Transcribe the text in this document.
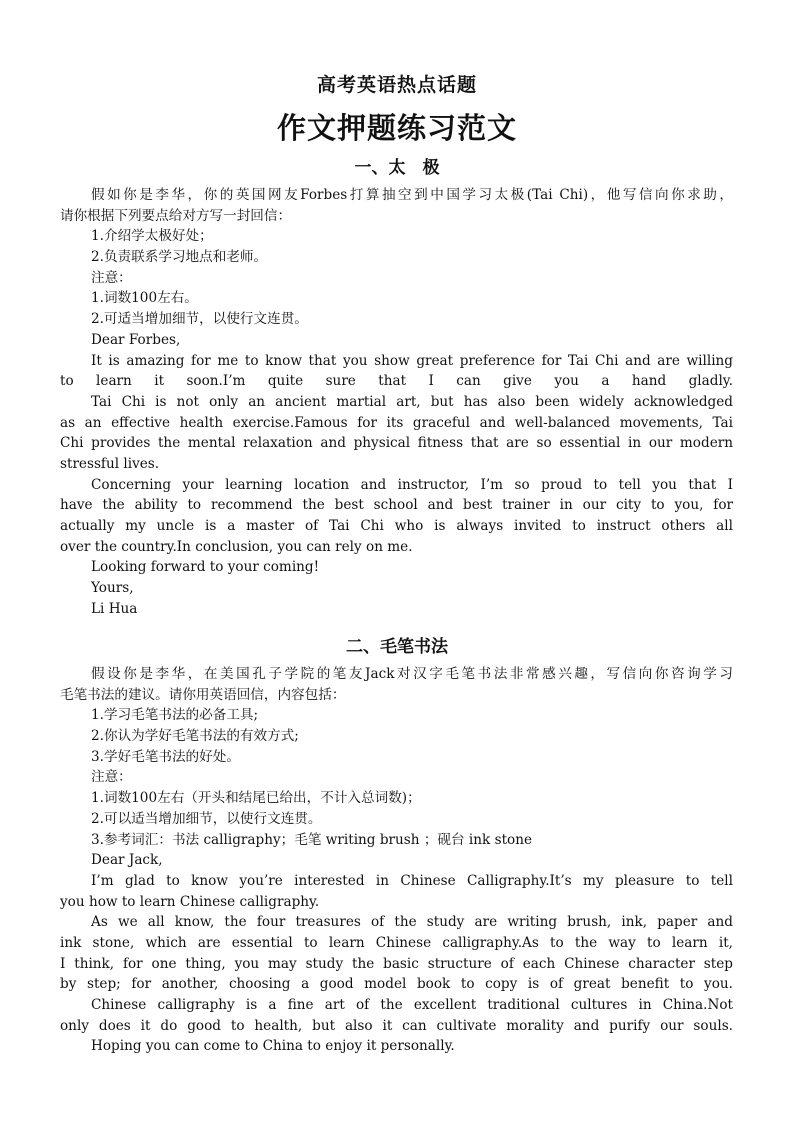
高考英语热点话题
作文押题练习范文
一、太　极
假如你是李华，你的英国网友Forbes打算抽空到中国学习太极(Tai Chi)，他写信向你求助，
请你根据下列要点给对方写一封回信：
1.介绍学太极好处；
2.负责联系学习地点和老师。
注意：
1.词数100左右。
2.可适当增加细节，以使行文连贯。
Dear Forbes,
It is amazing for me to know that you show great preference for Tai Chi and are willing
to learn it soon.I’m quite sure that I can give you a hand gladly.
Tai Chi is not only an ancient martial art, but has also been widely acknowledged
as an effective health exercise.Famous for its graceful and well-balanced movements, Tai
Chi provides the mental relaxation and physical fitness that are so essential in our modern
stressful lives.
Concerning your learning location and instructor, I’m so proud to tell you that I
have the ability to recommend the best school and best trainer in our city to you, for
actually my uncle is a master of Tai Chi who is always invited to instruct others all
over the country.In conclusion, you can rely on me.
Looking forward to your coming!
Yours,
Li Hua
二、毛笔书法
假设你是李华，在美国孔子学院的笔友Jack对汉字毛笔书法非常感兴趣，写信向你咨询学习
毛笔书法的建议。请你用英语回信，内容包括：
1.学习毛笔书法的必备工具;
2.你认为学好毛笔书法的有效方式;
3.学好毛笔书法的好处。
注意：
1.词数100左右（开头和结尾已给出，不计入总词数)；
2.可以适当增加细节，以使行文连贯。
3.参考词汇：书法 calligraphy；毛笔 writing brush ；砚台 ink stone
Dear Jack,
I’m glad to know you’re interested in Chinese Calligraphy.It’s my pleasure to tell
you how to learn Chinese calligraphy.
As we all know, the four treasures of the study are writing brush, ink, paper and
ink stone, which are essential to learn Chinese calligraphy.As to the way to learn it,
I think, for one thing, you may study the basic structure of each Chinese character step
by step; for another, choosing a good model book to copy is of great benefit to you.
Chinese calligraphy is a fine art of the excellent traditional cultures in China.Not
only does it do good to health, but also it can cultivate morality and purify our souls.
Hoping you can come to China to enjoy it personally.
